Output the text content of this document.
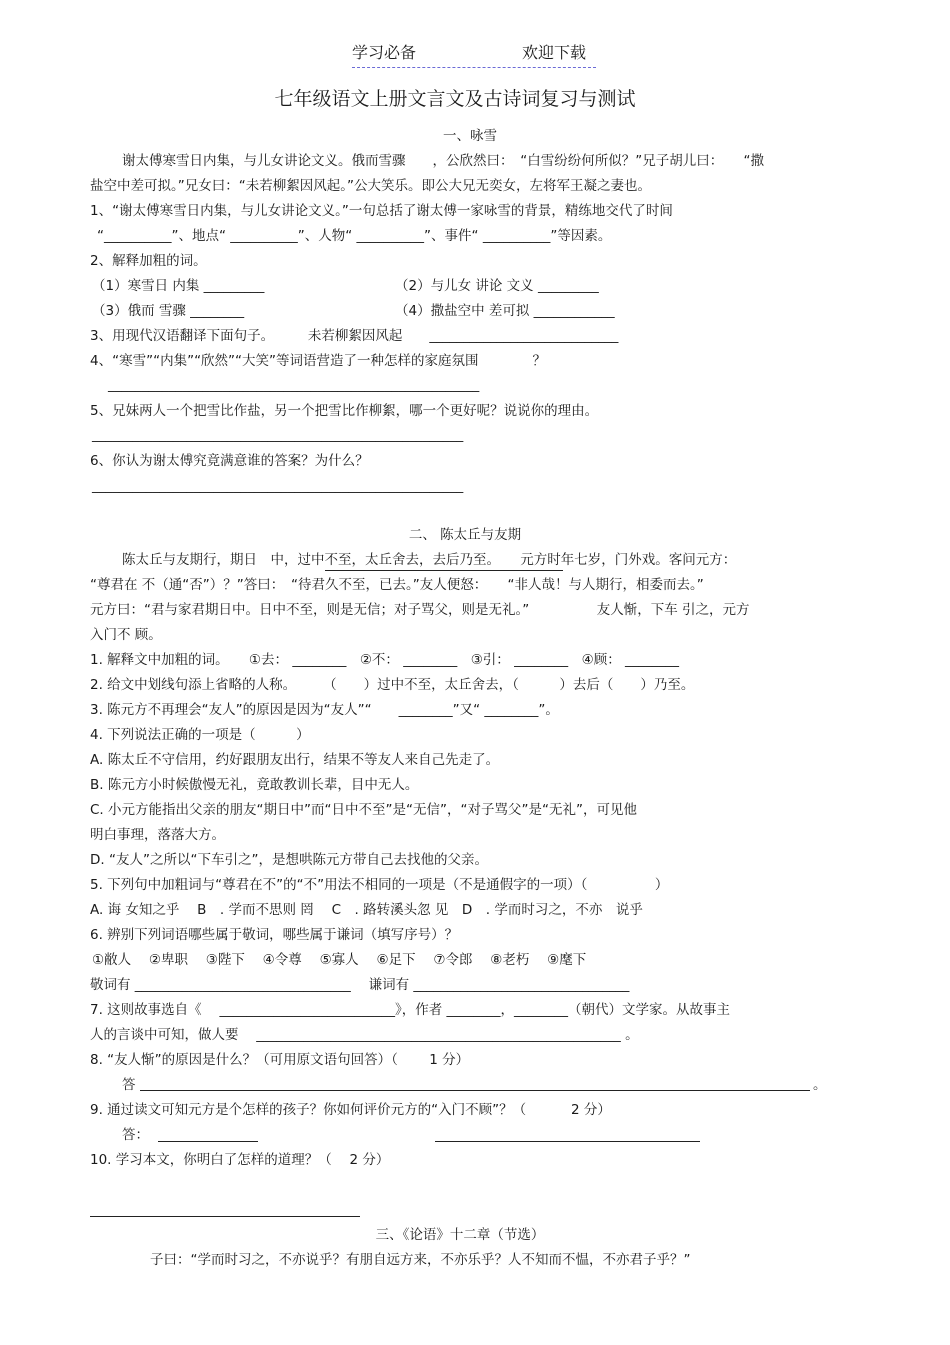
学习必备	欢迎下载
七年级语文上册文言文及古诗词复习与测试
一、咏雪
谢太傅寒雪日内集，与儿女讲论文义。俄而雪骤　　，公欣然曰：　“白雪纷纷何所似？”兄子胡儿曰：　　“撒
盐空中差可拟。”兄女曰：“未若柳絮因风起。”公大笑乐。即公大兄无奕女，左将军王凝之妻也。
1、“谢太傅寒雪日内集，与儿女讲论文义。”一句总括了谢太傅一家咏雪的背景，精练地交代了时间
“__________”、地点“ __________”、人物“ __________”、事件“ __________”等因素。
2、解释加粗的词。
（1）寒雪日 内集 _________	（2）与儿女 讲论 文义 _________
（3）俄而 雪骤 ________	（4）撒盐空中 差可拟 ____________
3、用现代汉语翻译下面句子。　　　未若柳絮因风起　　____________________________
4、“寒雪”“内集”“欣然”“大笑”等词语营造了一种怎样的家庭氛围　　　　？
_______________________________________________________
5、兄妹两人一个把雪比作盐，另一个把雪比作柳絮，哪一个更好呢？说说你的理由。
_______________________________________________________
6、你认为谢太傅究竟满意谁的答案？为什么？
_______________________________________________________
二、 陈太丘与友期
陈太丘与友期行，期日　中，过中不至，太丘舍去，去后乃至。　　元方时年七岁，门外戏。客问元方：
“尊君在 不（通“否”）？”答曰：　“待君久不至，已去。”友人便怒：　　“非人哉！与人期行，相委而去。”
元方曰：“君与家君期日中。日中不至，则是无信；对子骂父，则是无礼。”　　　　　友人惭，下车 引之，元方
入门不 顾。
1. 解释文中加粗的词。　　①去： ________　②不： ________　③引： ________　④顾： ________
2. 给文中划线句添上省略的人称。　　　（　　）过中不至，太丘舍去，（　　　）去后（　　）乃至。
3. 陈元方不再理会“友人”的原因是因为“友人”“　　________”又“ ________”。
4. 下列说法正确的一项是（　　　）
A. 陈太丘不守信用，约好跟朋友出行，结果不等友人来自己先走了。
B. 陈元方小时候傲慢无礼，竟敢教训长辈，目中无人。
C. 小元方能指出父亲的朋友“期日中”而“日中不至”是“无信”，“对子骂父”是“无礼”，可见他
明白事理，落落大方。
D. “友人”之所以“下车引之”，是想哄陈元方带自己去找他的父亲。
5. 下列句中加粗词与“尊君在不”的“不”用法不相同的一项是（不是通假字的一项）（　　　　　）
A. 诲 女知之乎　 B　. 学而不思则 罔　 C　. 路转溪头忽 见　D　. 学而时习之，不亦　说乎
6. 辨别下列词语哪些属于敬词，哪些属于谦词（填写序号）？
①敝人　 ②卑职　 ③陛下　 ④令尊　 ⑤寡人　 ⑥足下　 ⑦令郎　 ⑧老朽　 ⑨麾下
敬词有 ________________________________　 谦词有 ________________________________
7. 这则故事选自《　 __________________________》，作者 ________，________（朝代）文学家。从故事主
人的言谈中可知，做人要　 ______________________________________________________ 。
8. “友人惭”的原因是什么？（可用原文语句回答）（　　 1 分）
答	。
9. 通过读文可知元方是个怎样的孩子？你如何评价元方的“入门不顾”？（　　　 2 分）
答：
10. 学习本文，你明白了怎样的道理？（　 2 分）
三、《论语》十二章（节选）
子曰：“学而时习之，不亦说乎？有朋自远方来，不亦乐乎？人不知而不愠，不亦君子乎？”
